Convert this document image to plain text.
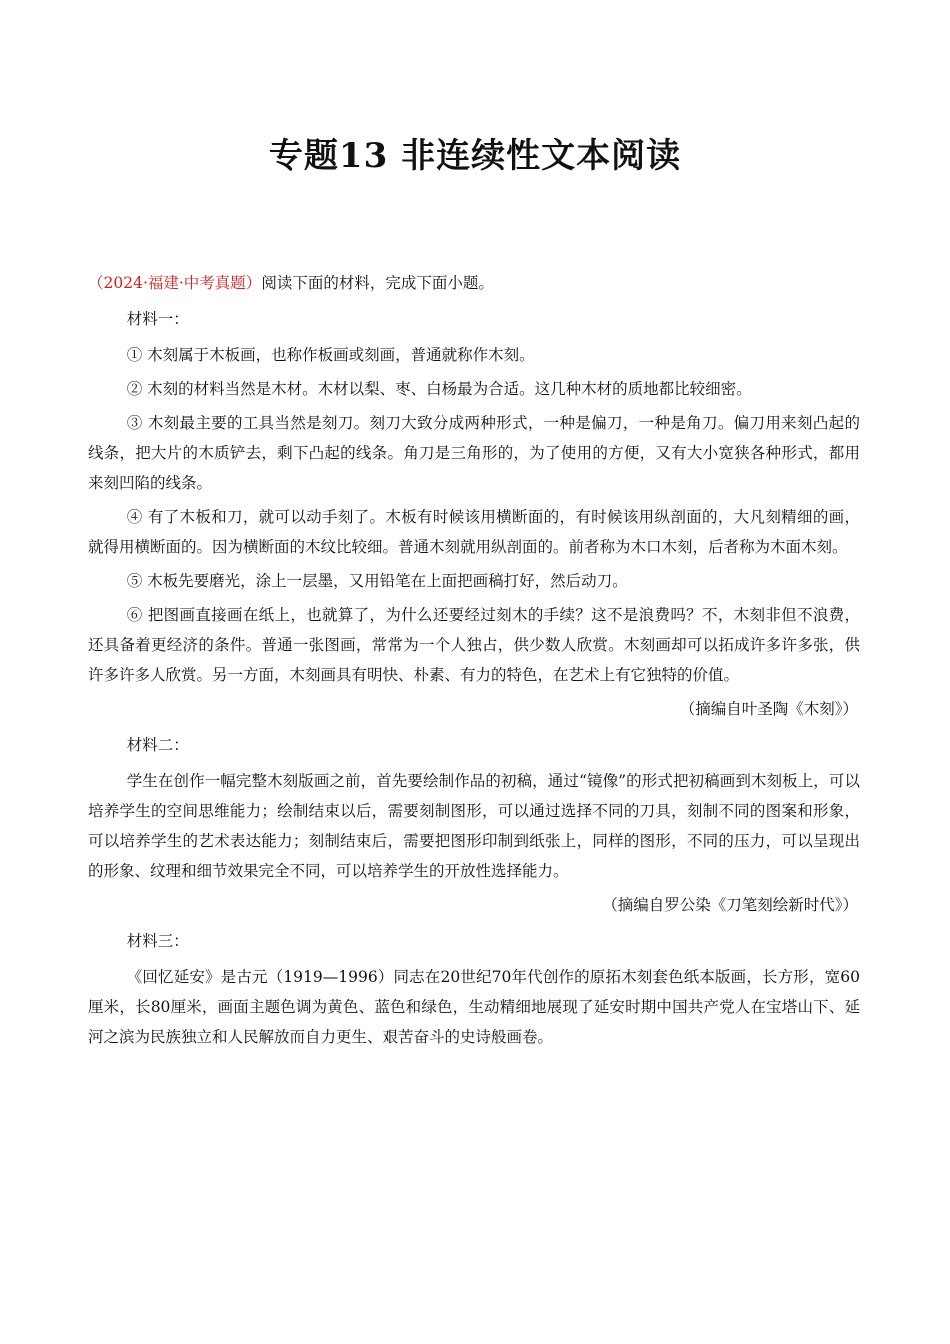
专题13 非连续性文本阅读

（2024·福建·中考真题）阅读下面的材料，完成下面小题。

材料一：

① 木刻属于木板画，也称作板画或刻画，普通就称作木刻。

② 木刻的材料当然是木材。木材以梨、枣、白杨最为合适。这几种木材的质地都比较细密。

③ 木刻最主要的工具当然是刻刀。刻刀大致分成两种形式，一种是偏刀，一种是角刀。偏刀用来刻凸起的线条，把大片的木质铲去，剩下凸起的线条。角刀是三角形的，为了使用的方便，又有大小宽狭各种形式，都用来刻凹陷的线条。

④ 有了木板和刀，就可以动手刻了。木板有时候该用横断面的，有时候该用纵剖面的，大凡刻精细的画，就得用横断面的。因为横断面的木纹比较细。普通木刻就用纵剖面的。前者称为木口木刻，后者称为木面木刻。

⑤ 木板先要磨光，涂上一层墨，又用铅笔在上面把画稿打好，然后动刀。

⑥ 把图画直接画在纸上，也就算了，为什么还要经过刻木的手续？这不是浪费吗？不，木刻非但不浪费，还具备着更经济的条件。普通一张图画，常常为一个人独占，供少数人欣赏。木刻画却可以拓成许多许多张，供许多许多人欣赏。另一方面，木刻画具有明快、朴素、有力的特色，在艺术上有它独特的价值。

（摘编自叶圣陶《木刻》）

材料二：

学生在创作一幅完整木刻版画之前，首先要绘制作品的初稿，通过“镜像”的形式把初稿画到木刻板上，可以培养学生的空间思维能力；绘制结束以后，需要刻制图形，可以通过选择不同的刀具，刻制不同的图案和形象，可以培养学生的艺术表达能力；刻制结束后，需要把图形印制到纸张上，同样的图形，不同的压力，可以呈现出的形象、纹理和细节效果完全不同，可以培养学生的开放性选择能力。

（摘编自罗公染《刀笔刻绘新时代》）

材料三：

《回忆延安》是古元（1919—1996）同志在20世纪70年代创作的原拓木刻套色纸本版画，长方形，宽60厘米，长80厘米，画面主题色调为黄色、蓝色和绿色，生动精细地展现了延安时期中国共产党人在宝塔山下、延河之滨为民族独立和人民解放而自力更生、艰苦奋斗的史诗般画卷。
